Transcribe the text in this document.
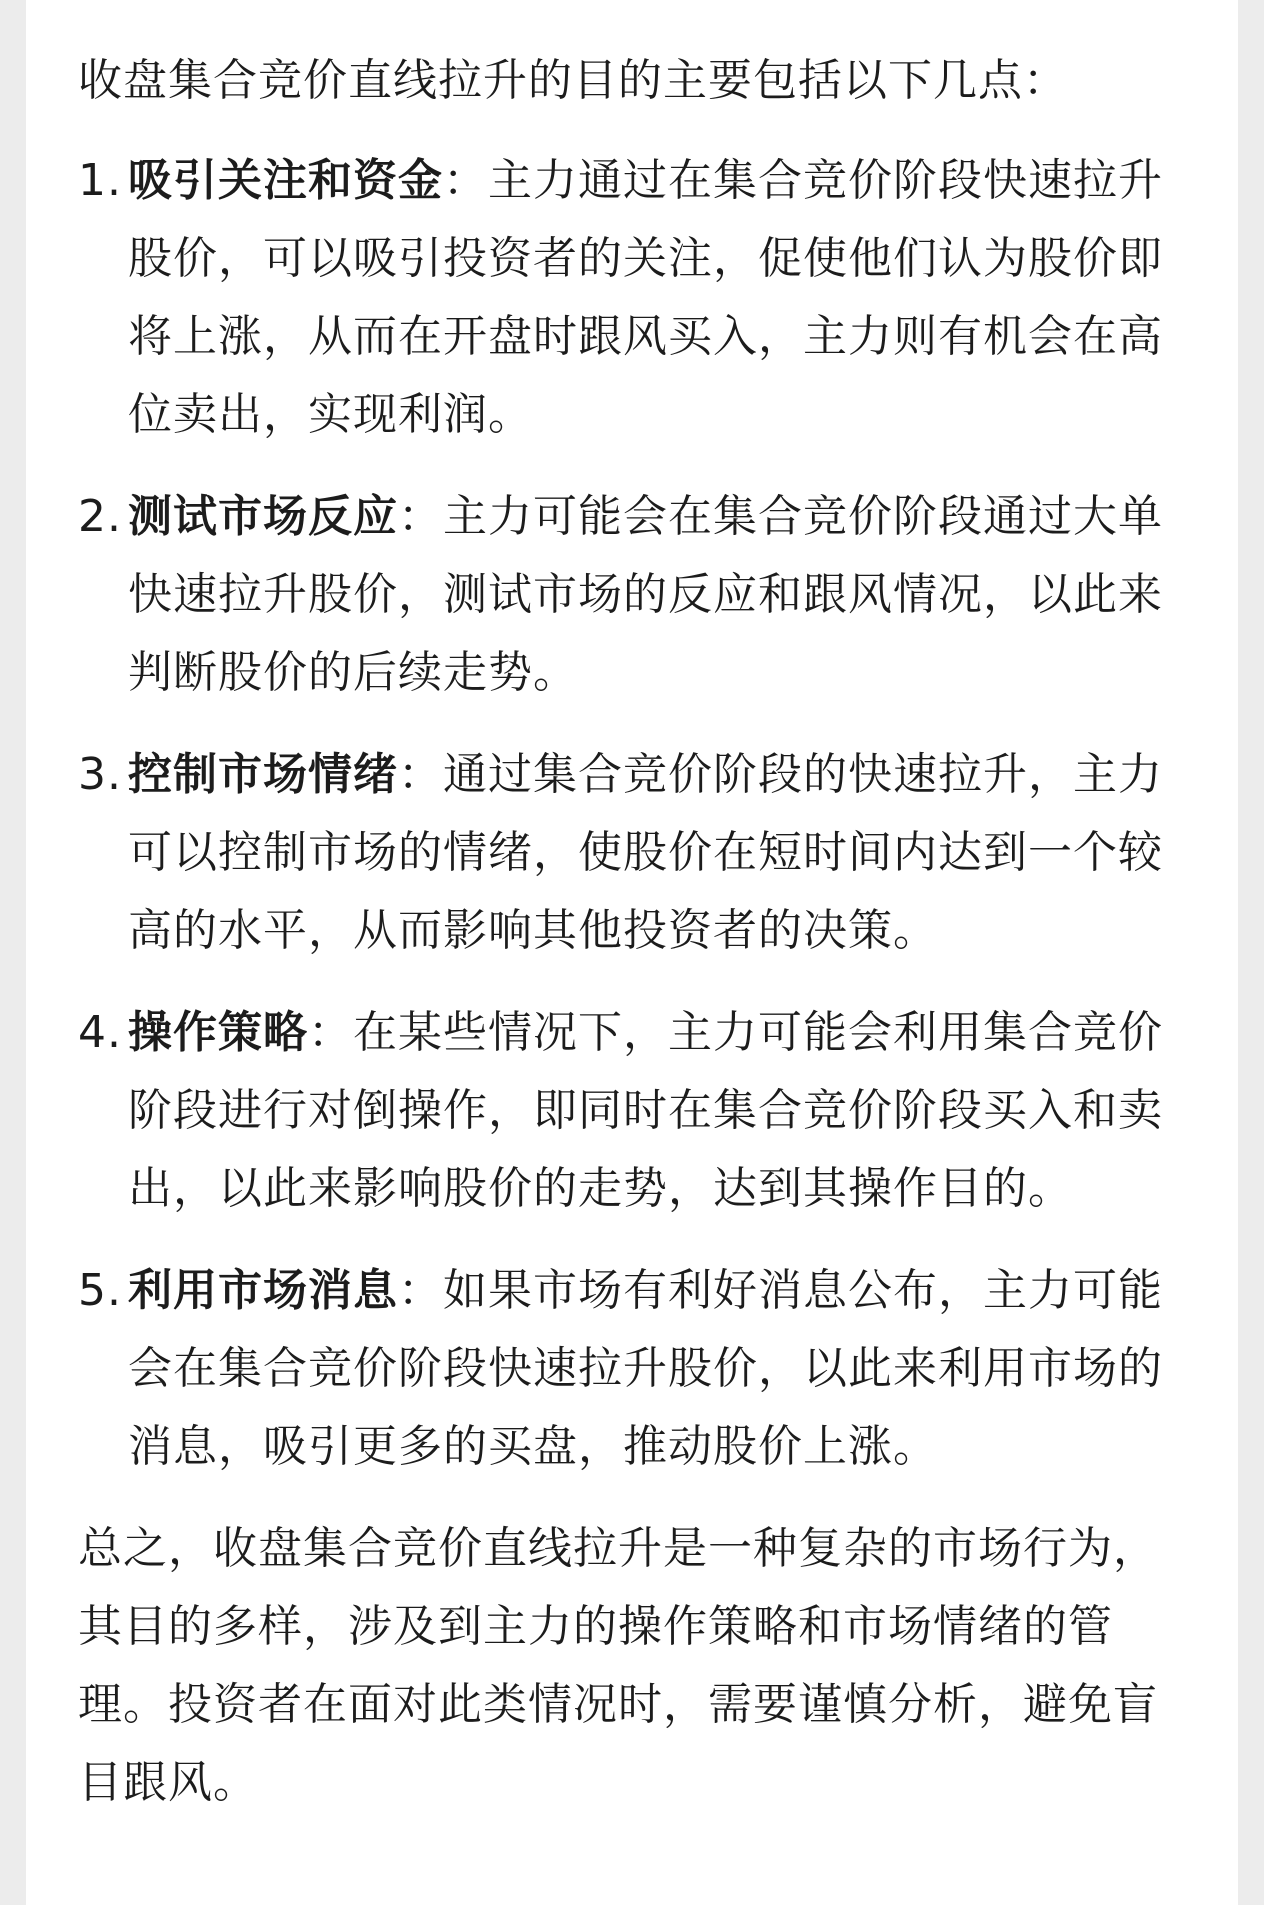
收盘集合竞价直线拉升的目的主要包括以下几点：

1. 吸引关注和资金：主力通过在集合竞价阶段快速拉升股价，可以吸引投资者的关注，促使他们认为股价即将上涨，从而在开盘时跟风买入，主力则有机会在高位卖出，实现利润。
2. 测试市场反应：主力可能会在集合竞价阶段通过大单快速拉升股价，测试市场的反应和跟风情况，以此来判断股价的后续走势。
3. 控制市场情绪：通过集合竞价阶段的快速拉升，主力可以控制市场的情绪，使股价在短时间内达到一个较高的水平，从而影响其他投资者的决策。
4. 操作策略：在某些情况下，主力可能会利用集合竞价阶段进行对倒操作，即同时在集合竞价阶段买入和卖出，以此来影响股价的走势，达到其操作目的。
5. 利用市场消息：如果市场有利好消息公布，主力可能会在集合竞价阶段快速拉升股价，以此来利用市场的消息，吸引更多的买盘，推动股价上涨。

总之，收盘集合竞价直线拉升是一种复杂的市场行为，其目的多样，涉及到主力的操作策略和市场情绪的管理。投资者在面对此类情况时，需要谨慎分析，避免盲目跟风。
